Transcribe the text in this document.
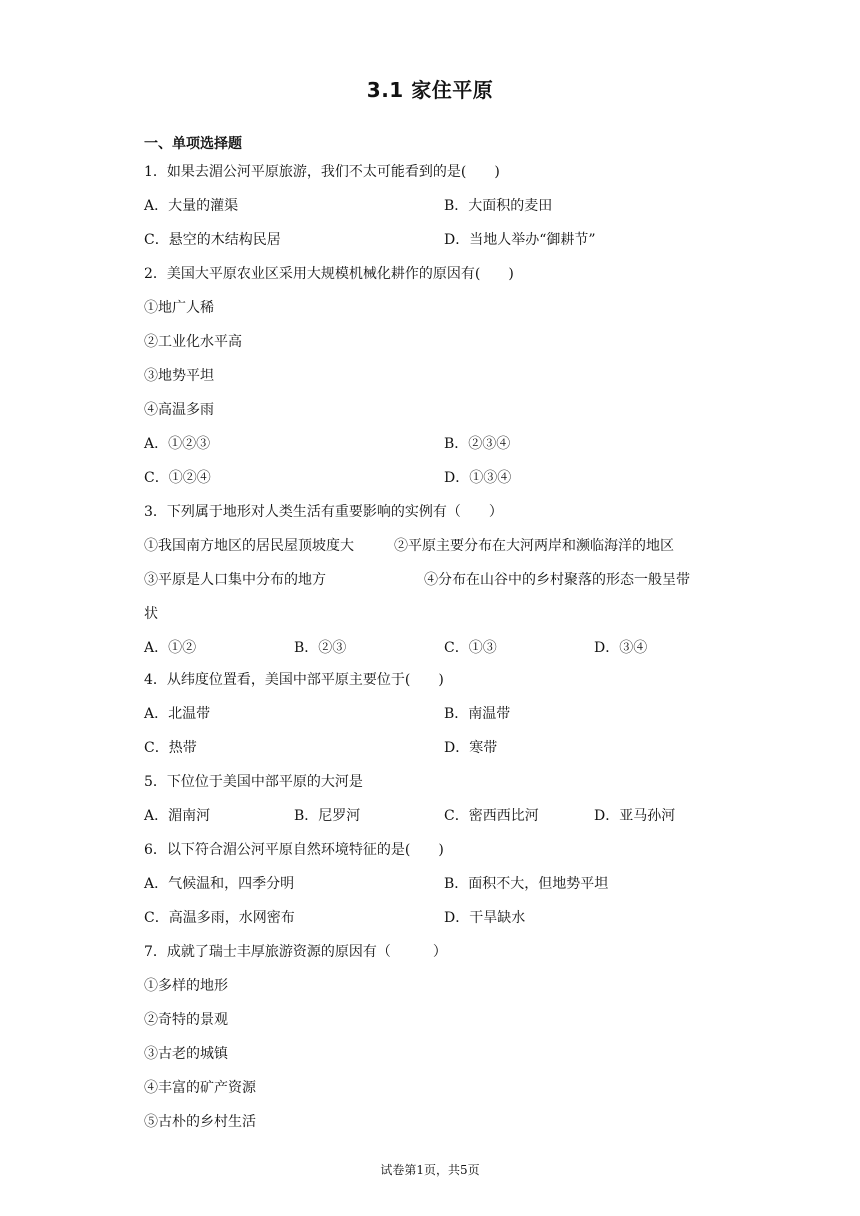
3.1 家住平原
一、单项选择题
1．如果去湄公河平原旅游，我们不太可能看到的是(　　)
A．大量的灌渠	B．大面积的麦田
C．悬空的木结构民居	D．当地人举办“御耕节”
2．美国大平原农业区采用大规模机械化耕作的原因有(　　)
①地广人稀
②工业化水平高
③地势平坦
④高温多雨
A．①②③	B．②③④
C．①②④	D．①③④
3．下列属于地形对人类生活有重要影响的实例有（　　）
①我国南方地区的居民屋顶坡度大	②平原主要分布在大河两岸和濒临海洋的地区
③平原是人口集中分布的地方	④分布在山谷中的乡村聚落的形态一般呈带
状
A．①②	B．②③	C．①③	D．③④
4．从纬度位置看，美国中部平原主要位于(　　)
A．北温带	B．南温带
C．热带	D．寒带
5．下位位于美国中部平原的大河是
A．湄南河	B．尼罗河	C．密西西比河	D．亚马孙河
6．以下符合湄公河平原自然环境特征的是(　　)
A．气候温和，四季分明	B．面积不大，但地势平坦
C．高温多雨，水网密布	D．干旱缺水
7．成就了瑞士丰厚旅游资源的原因有（　　　）
①多样的地形
②奇特的景观
③古老的城镇
④丰富的矿产资源
⑤古朴的乡村生活
试卷第1页，共5页
